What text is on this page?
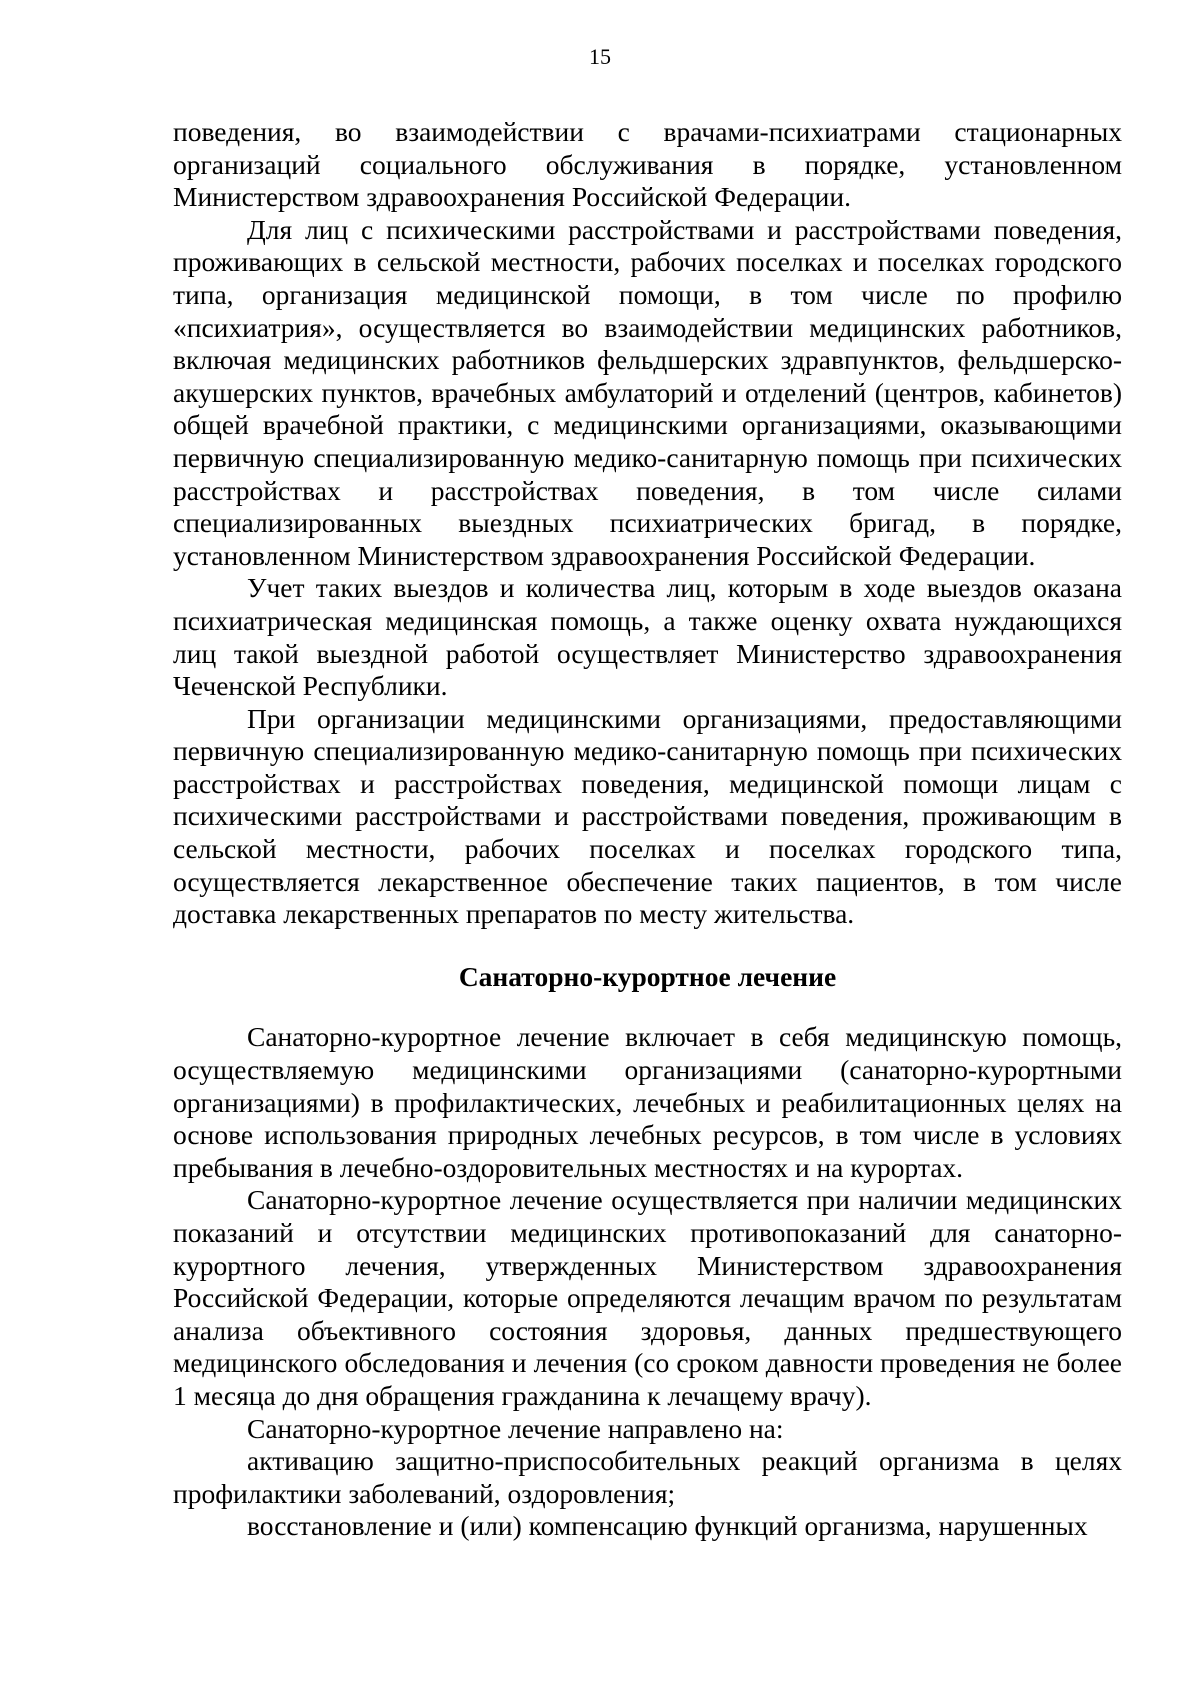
15

поведения, во взаимодействии с врачами-психиатрами стационарных организаций социального обслуживания в порядке, установленном Министерством здравоохранения Российской Федерации.

Для лиц с психическими расстройствами и расстройствами поведения, проживающих в сельской местности, рабочих поселках и поселках городского типа, организация медицинской помощи, в том числе по профилю «психиатрия», осуществляется во взаимодействии медицинских работников, включая медицинских работников фельдшерских здравпунктов, фельдшерско-акушерских пунктов, врачебных амбулаторий и отделений (центров, кабинетов) общей врачебной практики, с медицинскими организациями, оказывающими первичную специализированную медико-санитарную помощь при психических расстройствах и расстройствах поведения, в том числе силами специализированных выездных психиатрических бригад, в порядке, установленном Министерством здравоохранения Российской Федерации.

Учет таких выездов и количества лиц, которым в ходе выездов оказана психиатрическая медицинская помощь, а также оценку охвата нуждающихся лиц такой выездной работой осуществляет Министерство здравоохранения Чеченской Республики.

При организации медицинскими организациями, предоставляющими первичную специализированную медико-санитарную помощь при психических расстройствах и расстройствах поведения, медицинской помощи лицам с психическими расстройствами и расстройствами поведения, проживающим в сельской местности, рабочих поселках и поселках городского типа, осуществляется лекарственное обеспечение таких пациентов, в том числе доставка лекарственных препаратов по месту жительства.

Санаторно-курортное лечение

Санаторно-курортное лечение включает в себя медицинскую помощь, осуществляемую медицинскими организациями (санаторно-курортными организациями) в профилактических, лечебных и реабилитационных целях на основе использования природных лечебных ресурсов, в том числе в условиях пребывания в лечебно-оздоровительных местностях и на курортах.

Санаторно-курортное лечение осуществляется при наличии медицинских показаний и отсутствии медицинских противопоказаний для санаторно-курортного лечения, утвержденных Министерством здравоохранения Российской Федерации, которые определяются лечащим врачом по результатам анализа объективного состояния здоровья, данных предшествующего медицинского обследования и лечения (со сроком давности проведения не более 1 месяца до дня обращения гражданина к лечащему врачу).

Санаторно-курортное лечение направлено на:

активацию защитно-приспособительных реакций организма в целях профилактики заболеваний, оздоровления;

восстановление и (или) компенсацию функций организма, нарушенных
